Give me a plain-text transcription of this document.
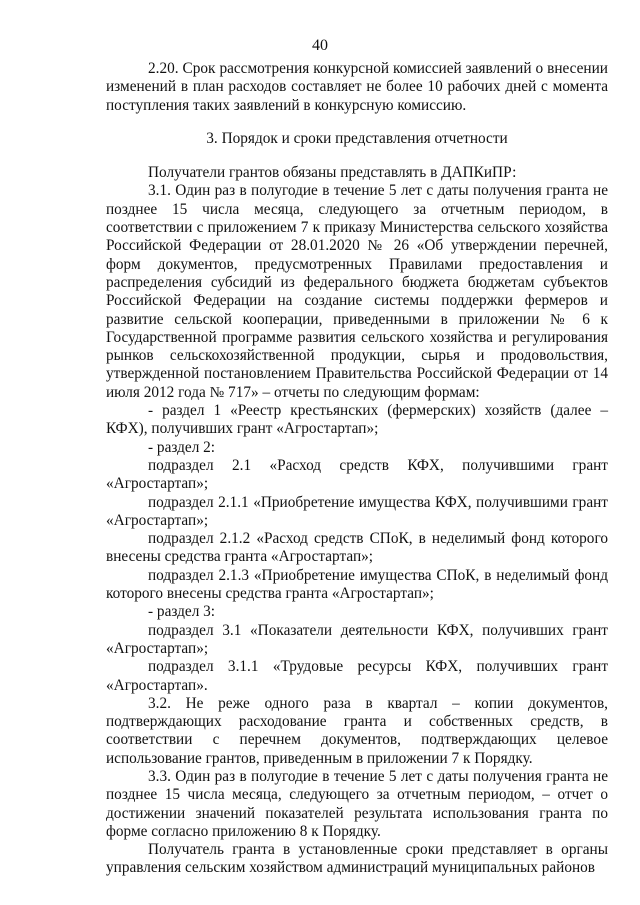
40

2.20. Срок рассмотрения конкурсной комиссией заявлений о внесении изменений в план расходов составляет не более 10 рабочих дней с момента поступления таких заявлений в конкурсную комиссию.

3. Порядок и сроки представления отчетности

Получатели грантов обязаны представлять в ДАПКиПР:

3.1. Один раз в полугодие в течение 5 лет с даты получения гранта не позднее 15 числа месяца, следующего за отчетным периодом, в соответствии с приложением 7 к приказу Министерства сельского хозяйства Российской Федерации от 28.01.2020 № 26 «Об утверждении перечней, форм документов, предусмотренных Правилами предоставления и распределения субсидий из федерального бюджета бюджетам субъектов Российской Федерации на создание системы поддержки фермеров и развитие сельской кооперации, приведенными в приложении № 6 к Государственной программе развития сельского хозяйства и регулирования рынков сельскохозяйственной продукции, сырья и продовольствия, утвержденной постановлением Правительства Российской Федерации от 14 июля 2012 года № 717» – отчеты по следующим формам:

- раздел 1 «Реестр крестьянских (фермерских) хозяйств (далее – КФХ), получивших грант «Агростартап»;

- раздел 2:

подраздел 2.1 «Расход средств КФХ, получившими грант «Агростартап»;

подраздел 2.1.1 «Приобретение имущества КФХ, получившими грант «Агростартап»;

подраздел 2.1.2 «Расход средств СПоК, в неделимый фонд которого внесены средства гранта «Агростартап»;

подраздел 2.1.3 «Приобретение имущества СПоК, в неделимый фонд которого внесены средства гранта «Агростартап»;

- раздел 3:

подраздел 3.1 «Показатели деятельности КФХ, получивших грант «Агростартап»;

подраздел 3.1.1 «Трудовые ресурсы КФХ, получивших грант «Агростартап».

3.2. Не реже одного раза в квартал – копии документов, подтверждающих расходование гранта и собственных средств, в соответствии с перечнем документов, подтверждающих целевое использование грантов, приведенным в приложении 7 к Порядку.

3.3. Один раз в полугодие в течение 5 лет с даты получения гранта не позднее 15 числа месяца, следующего за отчетным периодом, – отчет о достижении значений показателей результата использования гранта по форме согласно приложению 8 к Порядку.

Получатель гранта в установленные сроки представляет в органы управления сельским хозяйством администраций муниципальных районов
